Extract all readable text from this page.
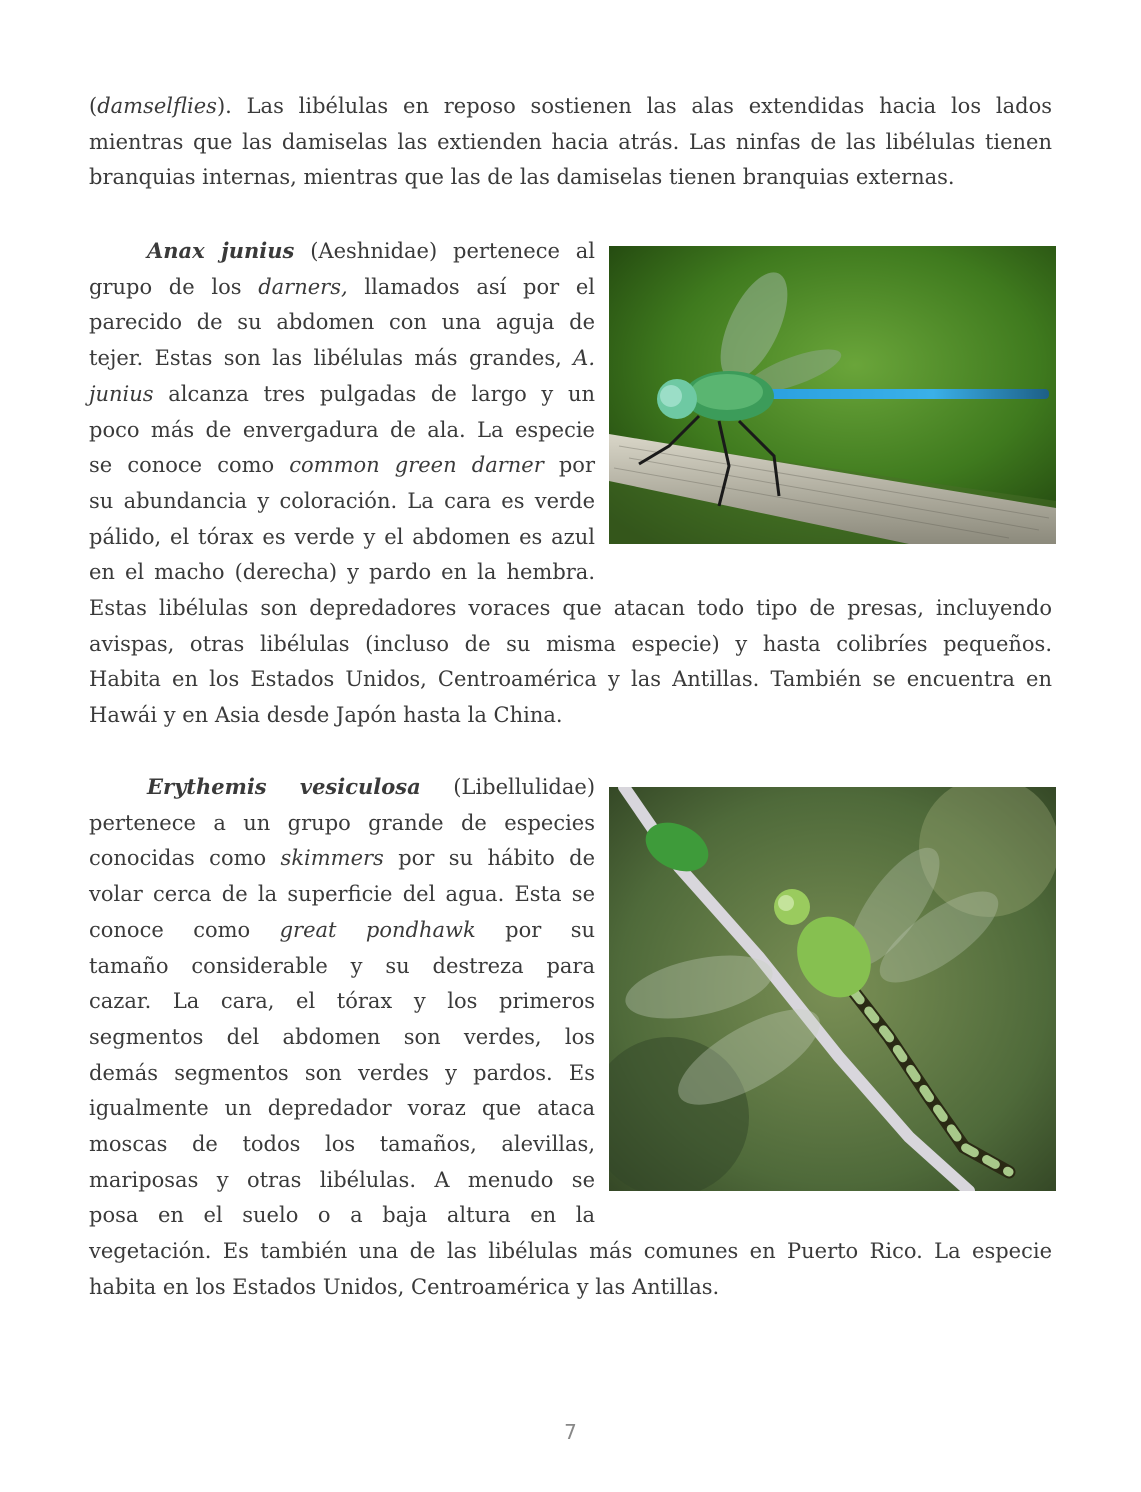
(damselflies). Las libélulas en reposo sostienen las alas extendidas hacia los lados
mientras que las damiselas las extienden hacia atrás. Las ninfas de las libélulas tienen
branquias internas, mientras que las de las damiselas tienen branquias externas.
Anax junius (Aeshnidae) pertenece al
grupo de los darners, llamados así por el
parecido de su abdomen con una aguja de
tejer. Estas son las libélulas más grandes, A.
junius alcanza tres pulgadas de largo y un
poco más de envergadura de ala. La especie
se conoce como common green darner por
su abundancia y coloración. La cara es verde
pálido, el tórax es verde y el abdomen es azul
en el macho (derecha) y pardo en la hembra.
Estas libélulas son depredadores voraces que atacan todo tipo de presas, incluyendo
avispas, otras libélulas (incluso de su misma especie) y hasta colibríes pequeños.
Habita en los Estados Unidos, Centroamérica y las Antillas. También se encuentra en
Hawái y en Asia desde Japón hasta la China.
Erythemis vesiculosa (Libellulidae)
pertenece a un grupo grande de especies
conocidas como skimmers por su hábito de
volar cerca de la superficie del agua. Esta se
conoce como great pondhawk por su
tamaño considerable y su destreza para
cazar. La cara, el tórax y los primeros
segmentos del abdomen son verdes, los
demás segmentos son verdes y pardos. Es
igualmente un depredador voraz que ataca
moscas de todos los tamaños, alevillas,
mariposas y otras libélulas. A menudo se
posa en el suelo o a baja altura en la
vegetación. Es también una de las libélulas más comunes en Puerto Rico. La especie
habita en los Estados Unidos, Centroamérica y las Antillas.
7
